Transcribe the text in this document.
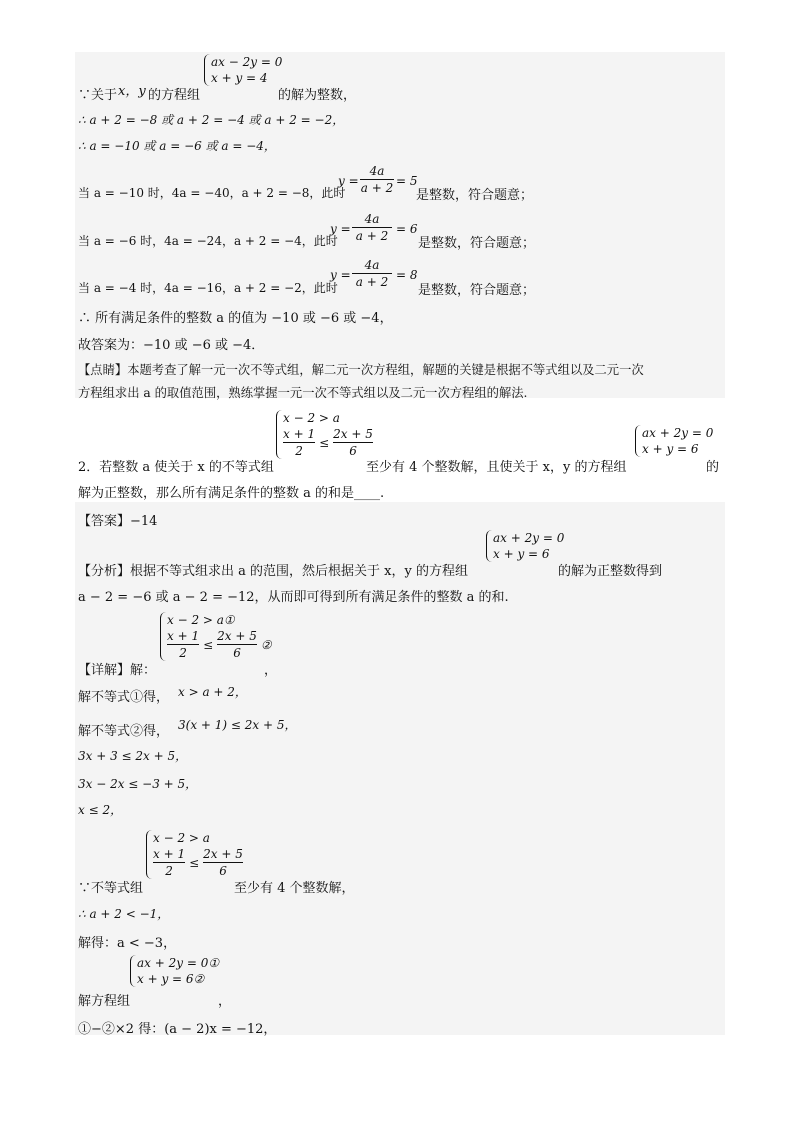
∵关于 x，y 的方程组
ax − 2y = 0
x + y = 4
的解为整数，
∴ a + 2 = −8 或 a + 2 = −4 或 a + 2 = −2，
∴ a = −10 或 a = −6 或 a = −4，
当 a = −10 时，4a = −40，a + 2 = −8，此时
y =
4a
a + 2 = 5
是整数，符合题意；
当 a = −6 时，4a = −24，a + 2 = −4，此时
y =
4a
a + 2 = 6
是整数，符合题意；
当 a = −4 时，4a = −16，a + 2 = −2，此时
y =
4a
a + 2 = 8
是整数，符合题意；
∴ 所有满足条件的整数 a 的值为 −10 或 −6 或 −4，
故答案为：−10 或 −6 或 −4．
【点睛】本题考查了解一元一次不等式组，解二元一次方程组，解题的关键是根据不等式组以及二元一次
方程组求出 a 的取值范围，熟练掌握一元一次不等式组以及二元一次方程组的解法.
2．若整数 a 使关于 x 的不等式组
x − 2 > a
x + 1
2
≤
2x + 5
6
至少有 4 个整数解，且使关于 x，y 的方程组
ax + 2y = 0
x + y = 6
的
解为正整数，那么所有满足条件的整数 a 的和是____.
【答案】−14
【分析】根据不等式组求出 a 的范围，然后根据关于 x，y 的方程组
ax + 2y = 0
x + y = 6
的解为正整数得到
a − 2 = −6 或 a − 2 = −12，从而即可得到所有满足条件的整数 a 的和.
x − 2 > a①
x + 1
2
≤
2x + 5
6
②
【详解】解：	，
解不等式①得， x > a + 2，
解不等式②得， 3(x + 1) ≤ 2x + 5，
3x + 3 ≤ 2x + 5，
3x − 2x ≤ −3 + 5，
x ≤ 2，
x − 2 > a
x + 1
2
≤
2x + 5
6
∵不等式组	至少有 4 个整数解，
∴ a + 2 < −1，
解得：a < −3，
ax + 2y = 0①
x + y = 6②
解方程组	，
①−②×2 得：(a − 2)x = −12，
